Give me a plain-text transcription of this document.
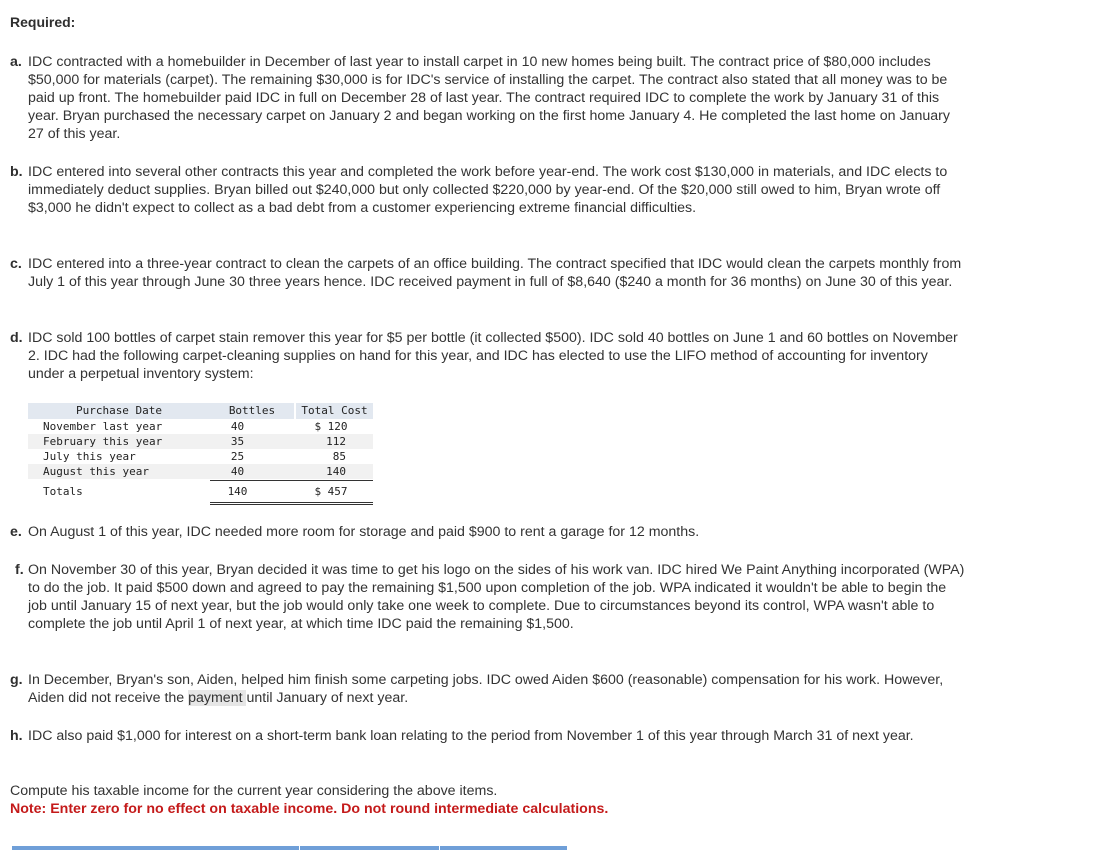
Required:
a. IDC contracted with a homebuilder in December of last year to install carpet in 10 new homes being built. The contract price of $80,000 includes $50,000 for materials (carpet). The remaining $30,000 is for IDC's service of installing the carpet. The contract also stated that all money was to be paid up front. The homebuilder paid IDC in full on December 28 of last year. The contract required IDC to complete the work by January 31 of this year. Bryan purchased the necessary carpet on January 2 and began working on the first home January 4. He completed the last home on January 27 of this year.
b. IDC entered into several other contracts this year and completed the work before year-end. The work cost $130,000 in materials, and IDC elects to immediately deduct supplies. Bryan billed out $240,000 but only collected $220,000 by year-end. Of the $20,000 still owed to him, Bryan wrote off $3,000 he didn't expect to collect as a bad debt from a customer experiencing extreme financial difficulties.
c. IDC entered into a three-year contract to clean the carpets of an office building. The contract specified that IDC would clean the carpets monthly from July 1 of this year through June 30 three years hence. IDC received payment in full of $8,640 ($240 a month for 36 months) on June 30 of this year.
d. IDC sold 100 bottles of carpet stain remover this year for $5 per bottle (it collected $500). IDC sold 40 bottles on June 1 and 60 bottles on November 2. IDC had the following carpet-cleaning supplies on hand for this year, and IDC has elected to use the LIFO method of accounting for inventory under a perpetual inventory system:
Purchase Date	Bottles	Total Cost
November last year	40	$ 120
February this year	35	112
July this year	25	85
August this year	40	140
Totals	140	$ 457
e. On August 1 of this year, IDC needed more room for storage and paid $900 to rent a garage for 12 months.
f. On November 30 of this year, Bryan decided it was time to get his logo on the sides of his work van. IDC hired We Paint Anything incorporated (WPA) to do the job. It paid $500 down and agreed to pay the remaining $1,500 upon completion of the job. WPA indicated it wouldn't be able to begin the job until January 15 of next year, but the job would only take one week to complete. Due to circumstances beyond its control, WPA wasn't able to complete the job until April 1 of next year, at which time IDC paid the remaining $1,500.
g. In December, Bryan's son, Aiden, helped him finish some carpeting jobs. IDC owed Aiden $600 (reasonable) compensation for his work. However, Aiden did not receive the payment until January of next year.
h. IDC also paid $1,000 for interest on a short-term bank loan relating to the period from November 1 of this year through March 31 of next year.
Compute his taxable income for the current year considering the above items.
Note: Enter zero for no effect on taxable income. Do not round intermediate calculations.
